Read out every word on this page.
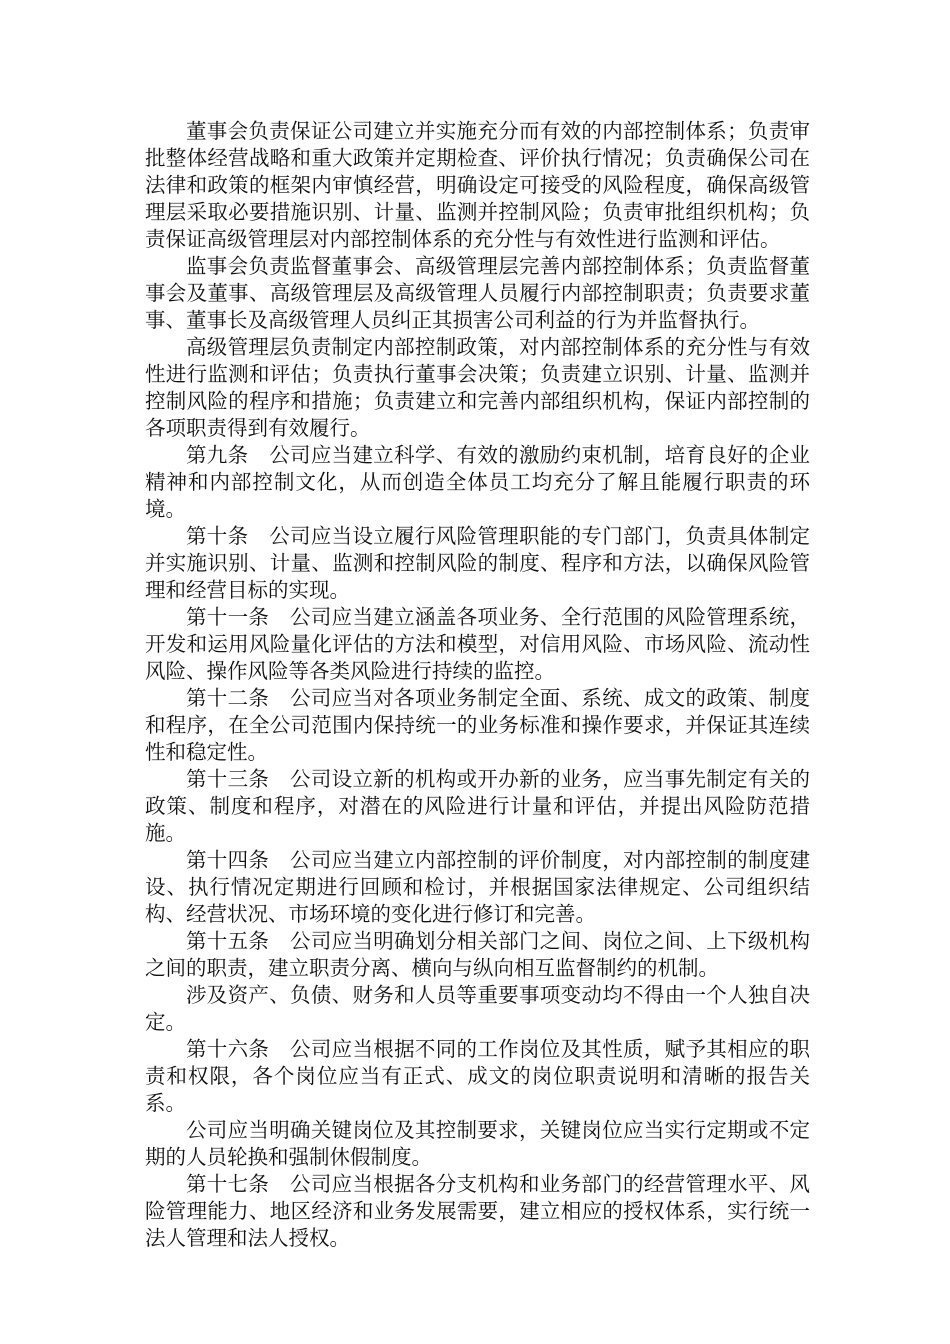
董事会负责保证公司建立并实施充分而有效的内部控制体系；负责审批整体经营战略和重大政策并定期检查、评价执行情况；负责确保公司在法律和政策的框架内审慎经营，明确设定可接受的风险程度，确保高级管理层采取必要措施识别、计量、监测并控制风险；负责审批组织机构；负责保证高级管理层对内部控制体系的充分性与有效性进行监测和评估。

监事会负责监督董事会、高级管理层完善内部控制体系；负责监督董事会及董事、高级管理层及高级管理人员履行内部控制职责；负责要求董事、董事长及高级管理人员纠正其损害公司利益的行为并监督执行。

高级管理层负责制定内部控制政策，对内部控制体系的充分性与有效性进行监测和评估；负责执行董事会决策；负责建立识别、计量、监测并控制风险的程序和措施；负责建立和完善内部组织机构，保证内部控制的各项职责得到有效履行。

第九条　公司应当建立科学、有效的激励约束机制，培育良好的企业精神和内部控制文化，从而创造全体员工均充分了解且能履行职责的环境。

第十条　公司应当设立履行风险管理职能的专门部门，负责具体制定并实施识别、计量、监测和控制风险的制度、程序和方法，以确保风险管理和经营目标的实现。

第十一条　公司应当建立涵盖各项业务、全行范围的风险管理系统，开发和运用风险量化评估的方法和模型，对信用风险、市场风险、流动性风险、操作风险等各类风险进行持续的监控。

第十二条　公司应当对各项业务制定全面、系统、成文的政策、制度和程序，在全公司范围内保持统一的业务标准和操作要求，并保证其连续性和稳定性。

第十三条　公司设立新的机构或开办新的业务，应当事先制定有关的政策、制度和程序，对潜在的风险进行计量和评估，并提出风险防范措施。

第十四条　公司应当建立内部控制的评价制度，对内部控制的制度建设、执行情况定期进行回顾和检讨，并根据国家法律规定、公司组织结构、经营状况、市场环境的变化进行修订和完善。

第十五条　公司应当明确划分相关部门之间、岗位之间、上下级机构之间的职责，建立职责分离、横向与纵向相互监督制约的机制。

涉及资产、负债、财务和人员等重要事项变动均不得由一个人独自决定。

第十六条　公司应当根据不同的工作岗位及其性质，赋予其相应的职责和权限，各个岗位应当有正式、成文的岗位职责说明和清晰的报告关系。

公司应当明确关键岗位及其控制要求，关键岗位应当实行定期或不定期的人员轮换和强制休假制度。

第十七条　公司应当根据各分支机构和业务部门的经营管理水平、风险管理能力、地区经济和业务发展需要，建立相应的授权体系，实行统一法人管理和法人授权。
